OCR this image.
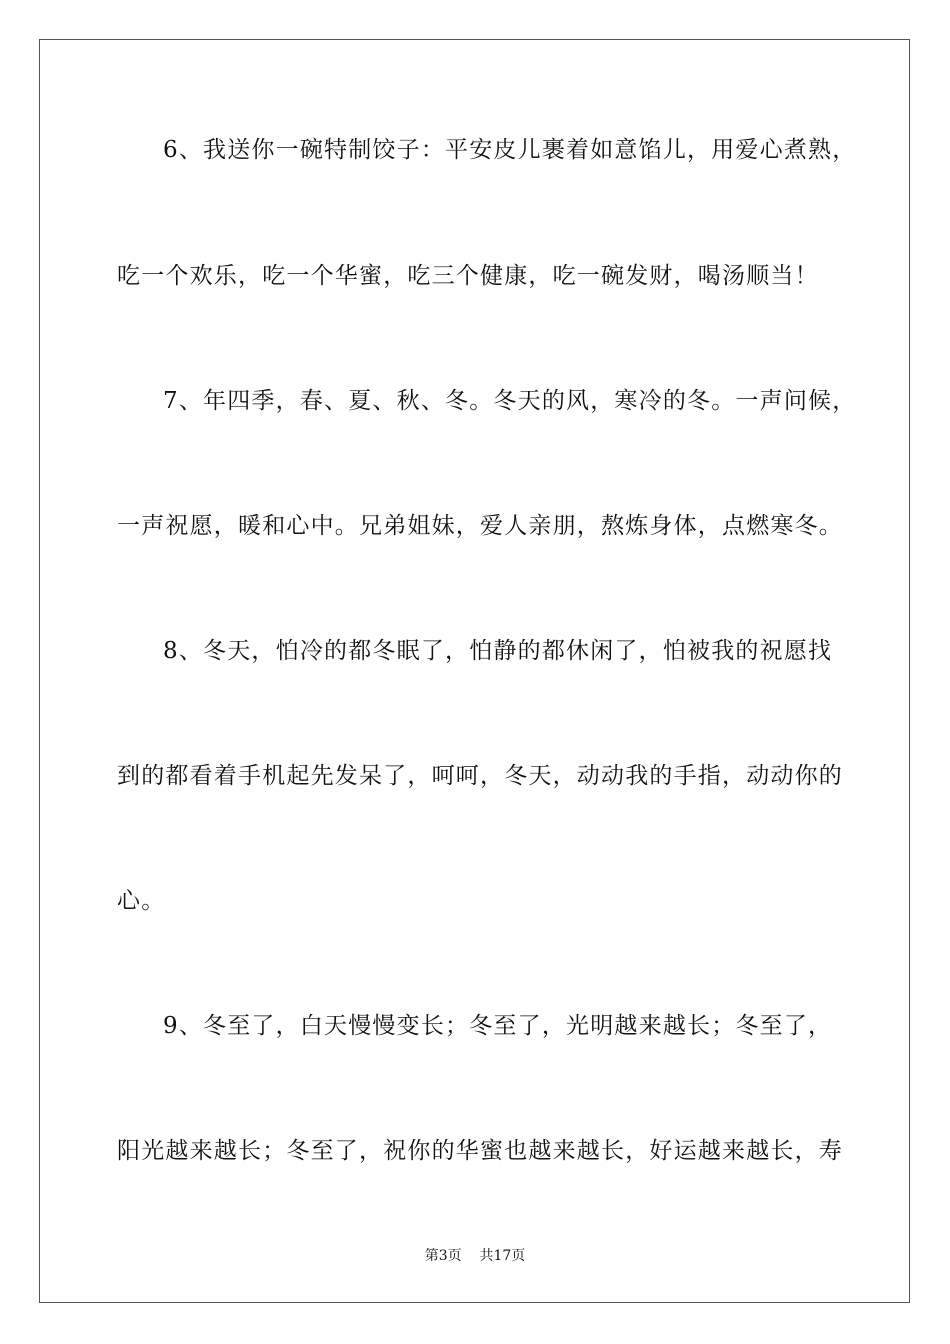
6、我送你一碗特制饺子：平安皮儿裹着如意馅儿，用爱心煮熟，
吃一个欢乐，吃一个华蜜，吃三个健康，吃一碗发财，喝汤顺当！
7、年四季，春、夏、秋、冬。冬天的风，寒冷的冬。一声问候，
一声祝愿，暖和心中。兄弟姐妹，爱人亲朋，熬炼身体，点燃寒冬。
8、冬天，怕冷的都冬眠了，怕静的都休闲了，怕被我的祝愿找
到的都看着手机起先发呆了，呵呵，冬天，动动我的手指，动动你的
心。
9、冬至了，白天慢慢变长；冬至了，光明越来越长；冬至了，
阳光越来越长；冬至了，祝你的华蜜也越来越长，好运越来越长，寿
第3页 共17页
